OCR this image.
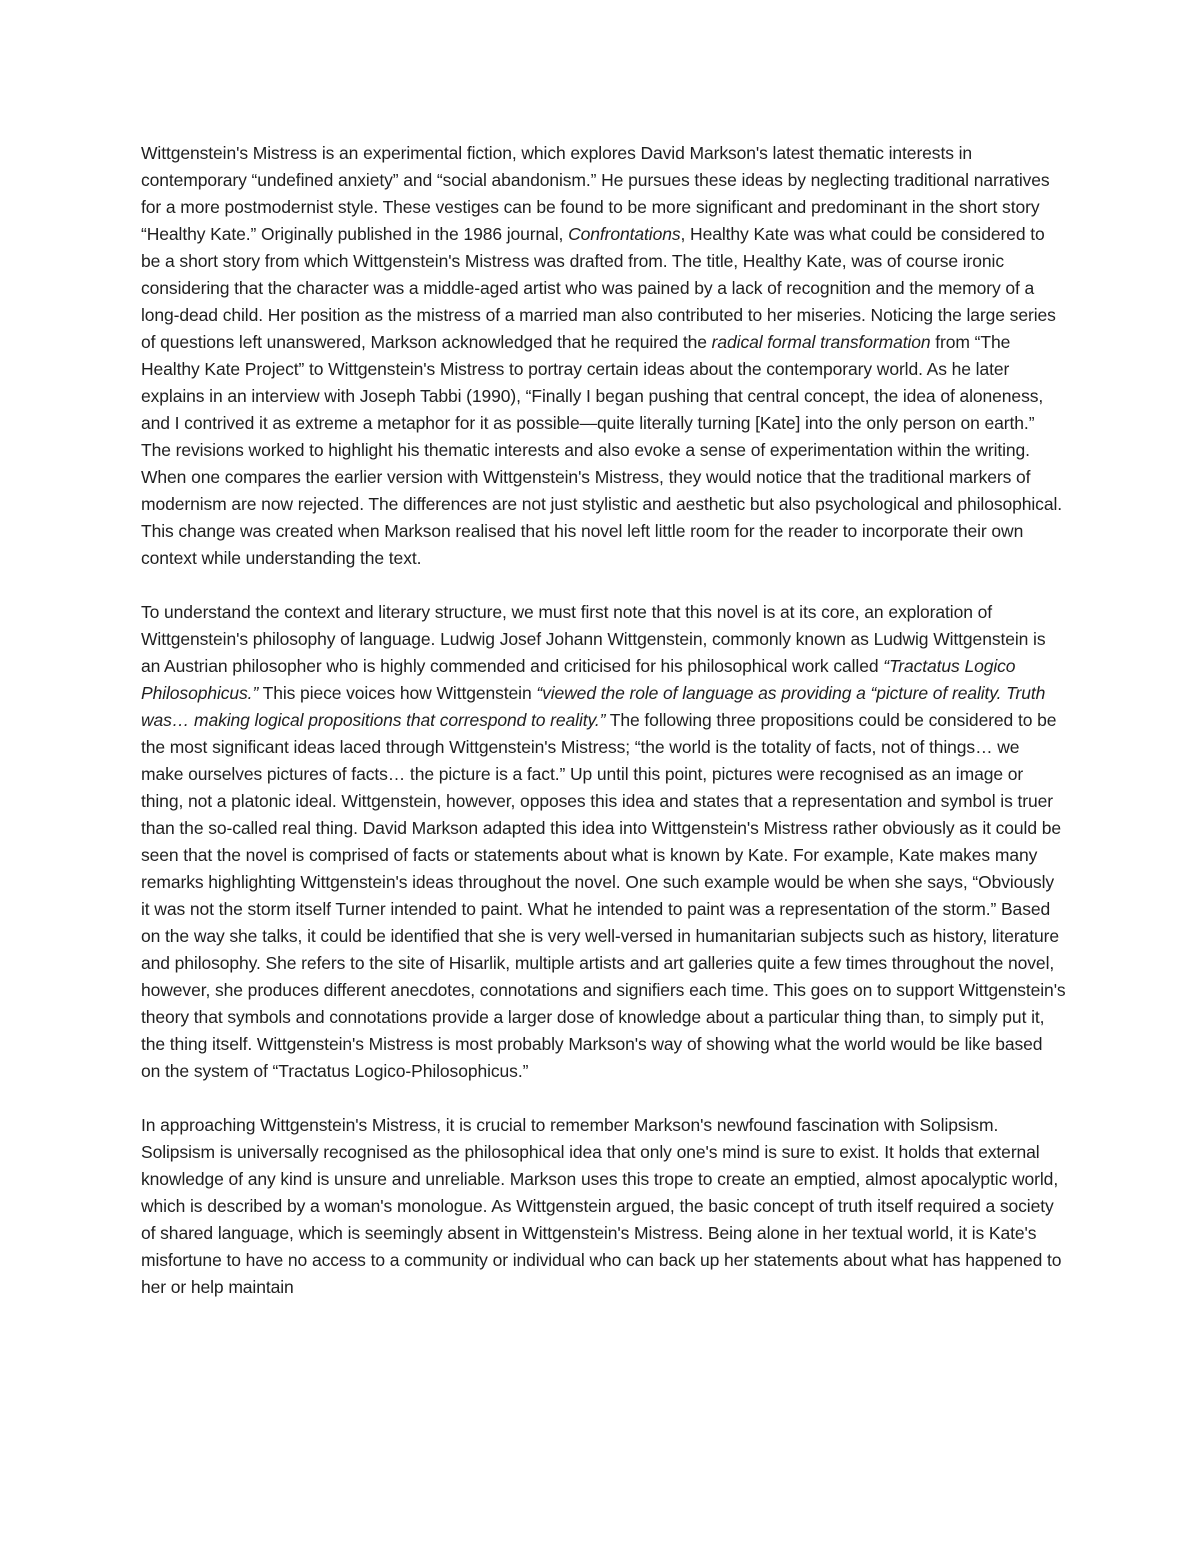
Wittgenstein's Mistress is an experimental fiction, which explores David Markson's latest thematic interests in contemporary “undefined anxiety” and “social abandonism.” He pursues these ideas by neglecting traditional narratives for a more postmodernist style. These vestiges can be found to be more significant and predominant in the short story “Healthy Kate.” Originally published in the 1986 journal, Confrontations, Healthy Kate was what could be considered to be a short story from which Wittgenstein's Mistress was drafted from. The title, Healthy Kate, was of course ironic considering that the character was a middle-aged artist who was pained by a lack of recognition and the memory of a long-dead child. Her position as the mistress of a married man also contributed to her miseries. Noticing the large series of questions left unanswered, Markson acknowledged that he required the radical formal transformation from “The Healthy Kate Project” to Wittgenstein's Mistress to portray certain ideas about the contemporary world. As he later explains in an interview with Joseph Tabbi (1990), “Finally I began pushing that central concept, the idea of aloneness, and I contrived it as extreme a metaphor for it as possible—quite literally turning [Kate] into the only person on earth.” The revisions worked to highlight his thematic interests and also evoke a sense of experimentation within the writing. When one compares the earlier version with Wittgenstein's Mistress, they would notice that the traditional markers of modernism are now rejected. The differences are not just stylistic and aesthetic but also psychological and philosophical. This change was created when Markson realised that his novel left little room for the reader to incorporate their own context while understanding the text.

To understand the context and literary structure, we must first note that this novel is at its core, an exploration of Wittgenstein's philosophy of language. Ludwig Josef Johann Wittgenstein, commonly known as Ludwig Wittgenstein is an Austrian philosopher who is highly commended and criticised for his philosophical work called “Tractatus Logico Philosophicus.” This piece voices how Wittgenstein “viewed the role of language as providing a “picture of reality. Truth was… making logical propositions that correspond to reality.” The following three propositions could be considered to be the most significant ideas laced through Wittgenstein's Mistress; “the world is the totality of facts, not of things… we make ourselves pictures of facts… the picture is a fact.” Up until this point, pictures were recognised as an image or thing, not a platonic ideal. Wittgenstein, however, opposes this idea and states that a representation and symbol is truer than the so-called real thing. David Markson adapted this idea into Wittgenstein's Mistress rather obviously as it could be seen that the novel is comprised of facts or statements about what is known by Kate. For example, Kate makes many remarks highlighting Wittgenstein's ideas throughout the novel. One such example would be when she says, “Obviously it was not the storm itself Turner intended to paint. What he intended to paint was a representation of the storm.” Based on the way she talks, it could be identified that she is very well-versed in humanitarian subjects such as history, literature and philosophy. She refers to the site of Hisarlik, multiple artists and art galleries quite a few times throughout the novel, however, she produces different anecdotes, connotations and signifiers each time. This goes on to support Wittgenstein's theory that symbols and connotations provide a larger dose of knowledge about a particular thing than, to simply put it, the thing itself. Wittgenstein's Mistress is most probably Markson's way of showing what the world would be like based on the system of “Tractatus Logico-Philosophicus.”

In approaching Wittgenstein's Mistress, it is crucial to remember Markson's newfound fascination with Solipsism. Solipsism is universally recognised as the philosophical idea that only one's mind is sure to exist. It holds that external knowledge of any kind is unsure and unreliable. Markson uses this trope to create an emptied, almost apocalyptic world, which is described by a woman's monologue. As Wittgenstein argued, the basic concept of truth itself required a society of shared language, which is seemingly absent in Wittgenstein's Mistress. Being alone in her textual world, it is Kate's misfortune to have no access to a community or individual who can back up her statements about what has happened to her or help maintain
